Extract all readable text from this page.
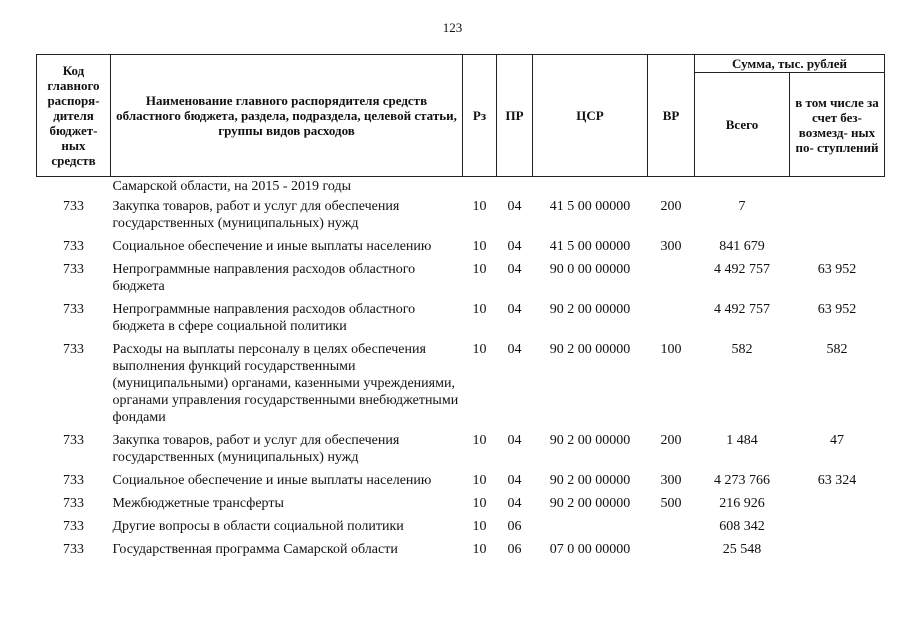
123
Код главного распоря- дителя бюджет- ных средств	Наименование главного распорядителя средств областного бюджета, раздела, подраздела, целевой статьи, группы видов расходов	Рз	ПР	ЦСР	ВР	Сумма, тыс. рублей	
						Всего	в том числе за счет без- возмезд- ных по- ступлений
	Самарской области, на 2015 - 2019 годы						
733	Закупка товаров, работ и услуг для обеспечения государственных (муниципальных) нужд	10	04	41 5 00 00000	200	7	
733	Социальное обеспечение и иные выплаты населению	10	04	41 5 00 00000	300	841 679	
733	Непрограммные направления расходов областного бюджета	10	04	90 0 00 00000		4 492 757	63 952
733	Непрограммные направления расходов областного бюджета в сфере социальной политики	10	04	90 2 00 00000		4 492 757	63 952
733	Расходы на выплаты персоналу в целях обеспечения выполнения функций государственными (муниципальными) органами, казенными учреждениями, органами управления государственными внебюджетными фондами	10	04	90 2 00 00000	100	582	582
733	Закупка товаров, работ и услуг для обеспечения государственных (муниципальных) нужд	10	04	90 2 00 00000	200	1 484	47
733	Социальное обеспечение и иные выплаты населению	10	04	90 2 00 00000	300	4 273 766	63 324
733	Межбюджетные трансферты	10	04	90 2 00 00000	500	216 926	
733	Другие вопросы в области социальной политики	10	06			608 342	
733	Государственная программа Самарской области	10	06	07 0 00 00000		25 548	
